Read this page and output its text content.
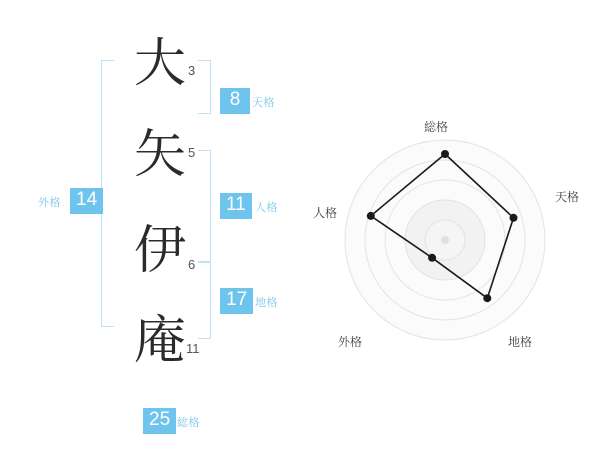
大 3
矢 5
伊 6
庵 11
8	天格
11 人格
17 地格
14
外格
25 総格
総格
天格
地格
外格
人格
